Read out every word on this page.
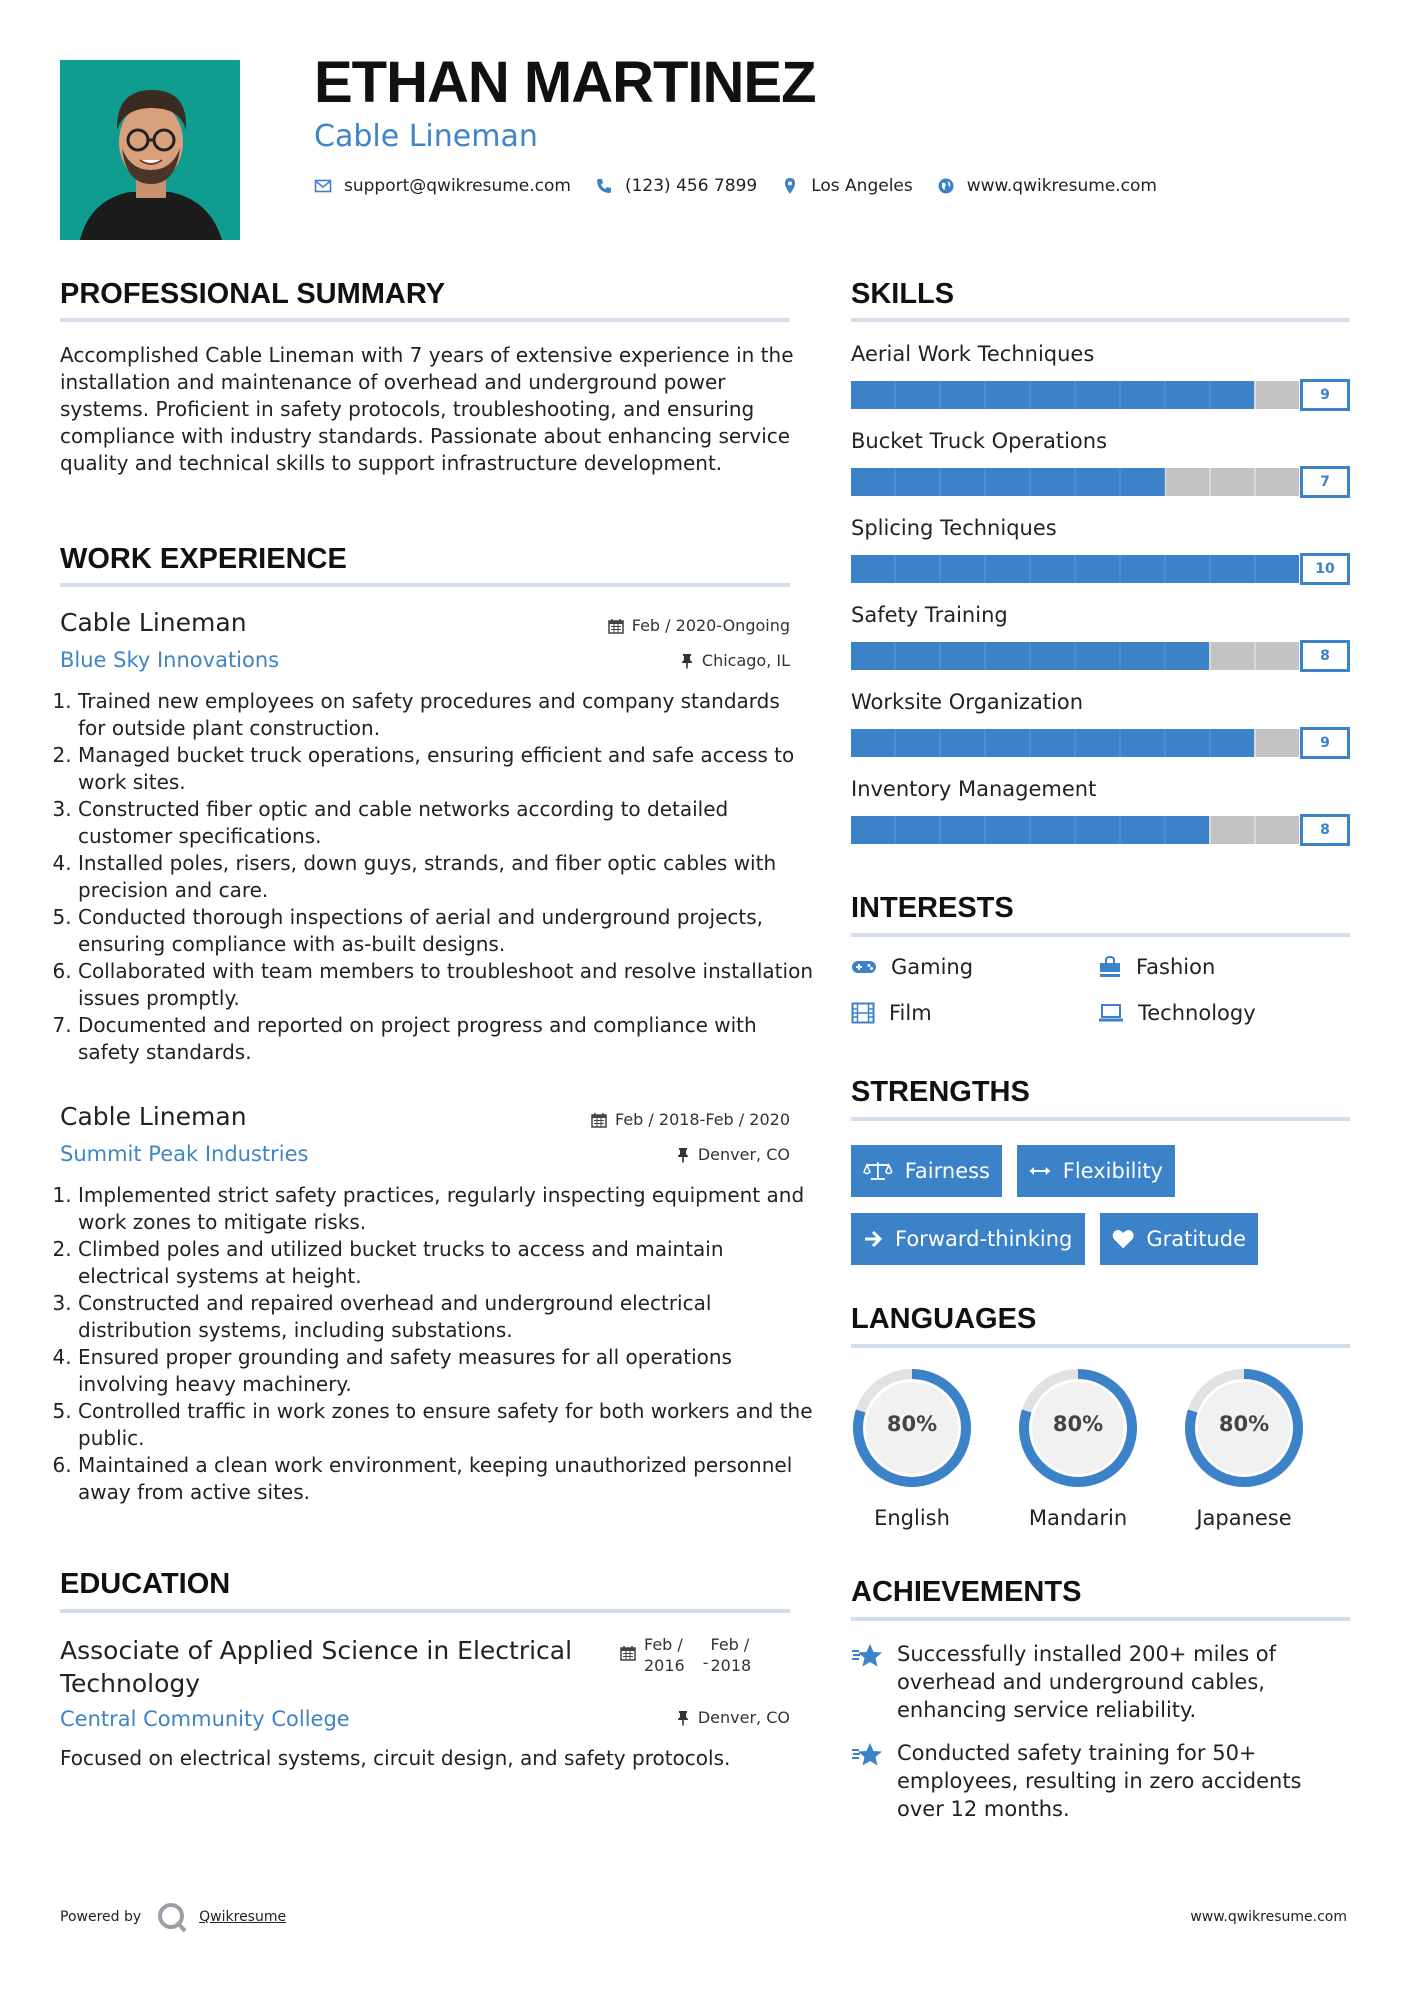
ETHAN MARTINEZ
Cable Lineman
support@qwikresume.com	(123) 456 7899	Los Angeles	www.qwikresume.com
PROFESSIONAL SUMMARY
Accomplished Cable Lineman with 7 years of extensive experience in the installation and maintenance of overhead and underground power systems. Proficient in safety protocols, troubleshooting, and ensuring compliance with industry standards. Passionate about enhancing service quality and technical skills to support infrastructure development.
WORK EXPERIENCE
Cable Lineman	Feb / 2020-Ongoing
Blue Sky Innovations	Chicago, IL
1. Trained new employees on safety procedures and company standards for outside plant construction.
2. Managed bucket truck operations, ensuring efficient and safe access to work sites.
3. Constructed fiber optic and cable networks according to detailed customer specifications.
4. Installed poles, risers, down guys, strands, and fiber optic cables with precision and care.
5. Conducted thorough inspections of aerial and underground projects, ensuring compliance with as-built designs.
6. Collaborated with team members to troubleshoot and resolve installation issues promptly.
7. Documented and reported on project progress and compliance with safety standards.
Cable Lineman	Feb / 2018-Feb / 2020
Summit Peak Industries	Denver, CO
1. Implemented strict safety practices, regularly inspecting equipment and work zones to mitigate risks.
2. Climbed poles and utilized bucket trucks to access and maintain electrical systems at height.
3. Constructed and repaired overhead and underground electrical distribution systems, including substations.
4. Ensured proper grounding and safety measures for all operations involving heavy machinery.
5. Controlled traffic in work zones to ensure safety for both workers and the public.
6. Maintained a clean work environment, keeping unauthorized personnel away from active sites.
EDUCATION
Associate of Applied Science in Electrical Technology
Feb /
2016 -
Feb /
2018
Central Community College	Denver, CO
Focused on electrical systems, circuit design, and safety protocols.
SKILLS
Aerial Work Techniques
9
Bucket Truck Operations
7
Splicing Techniques
10
Safety Training
8
Worksite Organization
9
Inventory Management
8
INTERESTS
Gaming	Fashion
Film	Technology
STRENGTHS
Fairness	Flexibility
Forward-thinking	Gratitude
LANGUAGES
80%
English
80%
Mandarin
80%
Japanese
ACHIEVEMENTS
Successfully installed 200+ miles of overhead and underground cables, enhancing service reliability.
Conducted safety training for 50+ employees, resulting in zero accidents over 12 months.
Powered by	Qwikresume	www.qwikresume.com
